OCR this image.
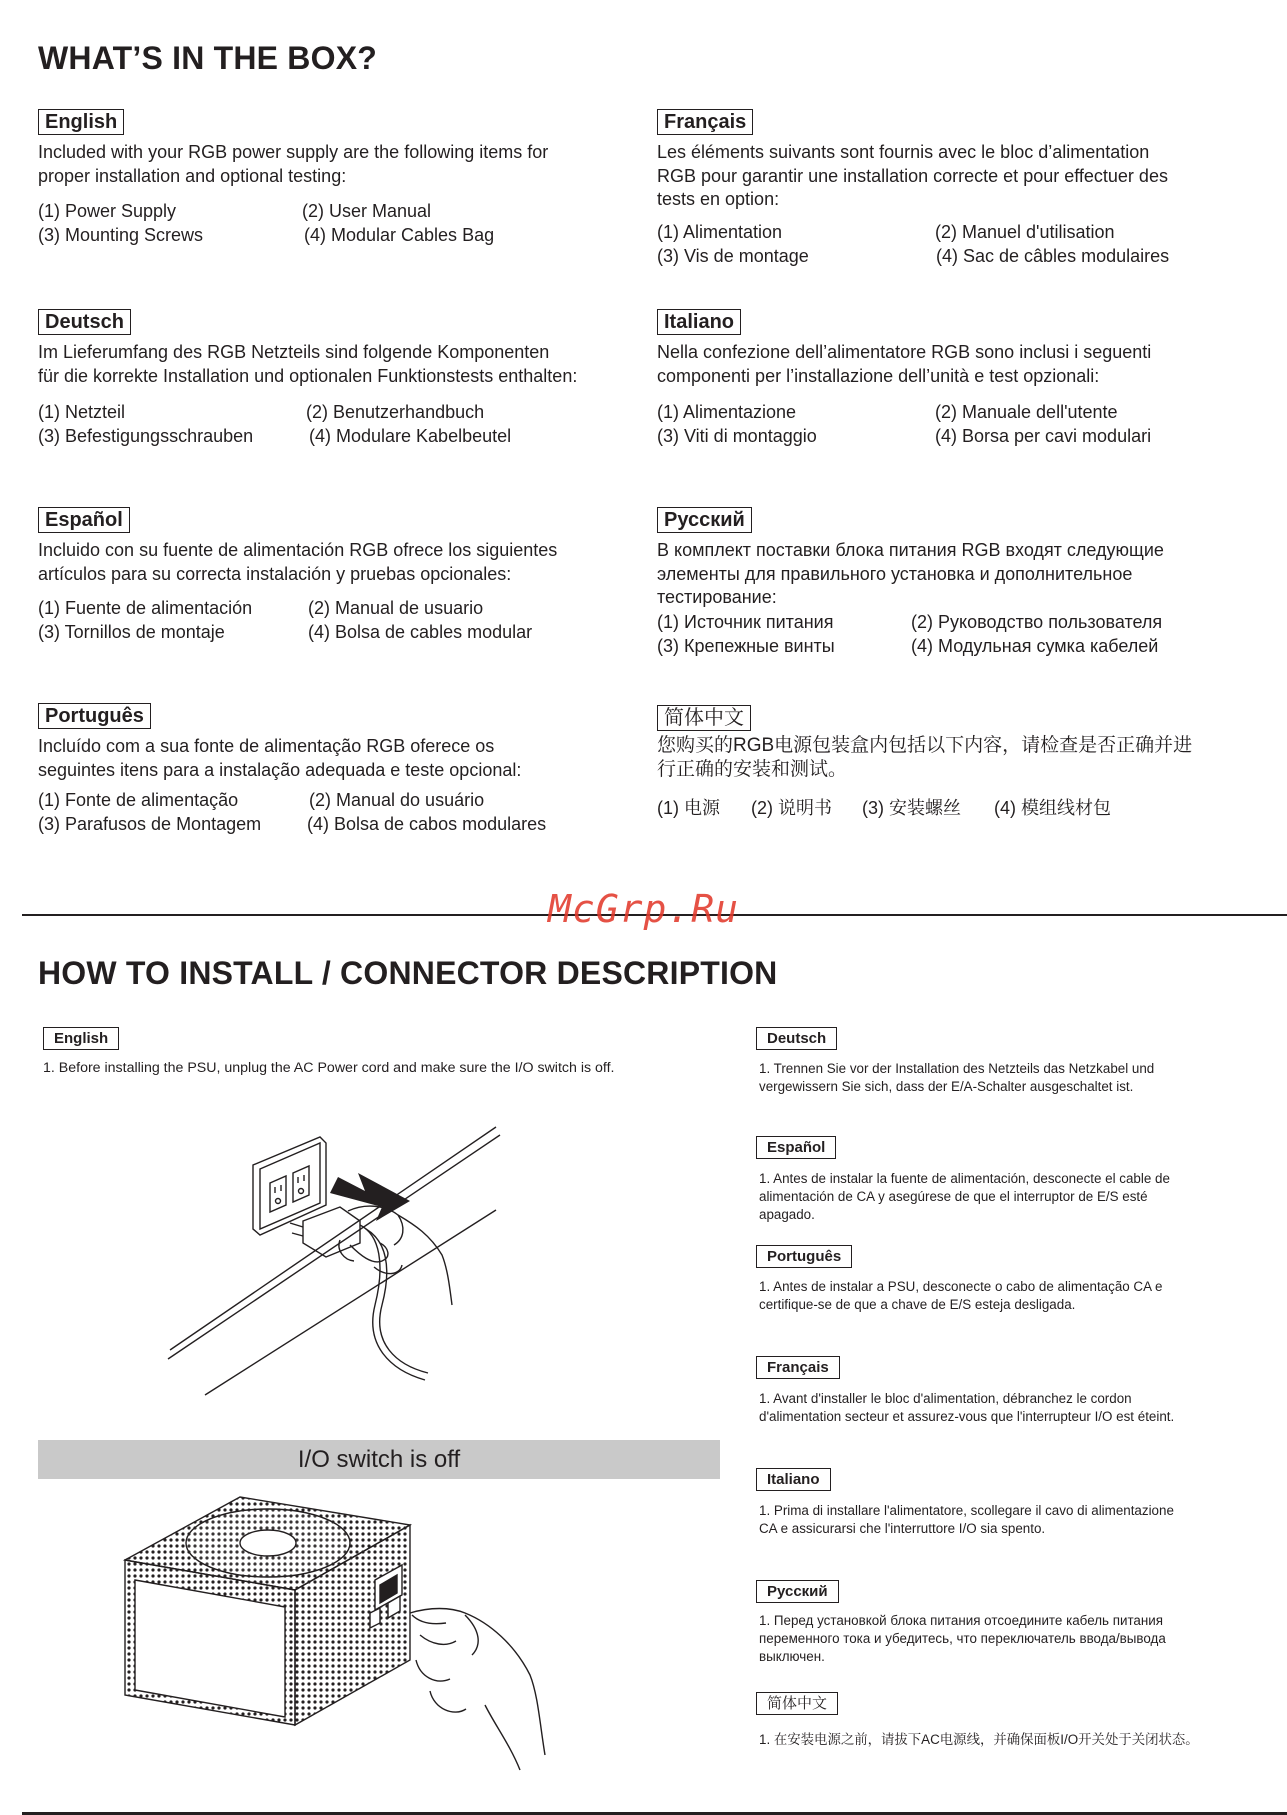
WHAT’S IN THE BOX?
English
Included with your RGB power supply are the following items for
proper installation and optional testing:
(1) Power Supply	(2) User Manual
(3) Mounting Screws	(4) Modular Cables Bag
Français
Les éléments suivants sont fournis avec le bloc d’alimentation
RGB pour garantir une installation correcte et pour effectuer des
tests en option:
(1) Alimentation	(2) Manuel d'utilisation
(3) Vis de montage	(4) Sac de câbles modulaires
Deutsch
Im Lieferumfang des RGB Netzteils sind folgende Komponenten
für die korrekte Installation und optionalen Funktionstests enthalten:
(1) Netzteil	(2) Benutzerhandbuch
(3) Befestigungsschrauben	(4) Modulare Kabelbeutel
Italiano
Nella confezione dell’alimentatore RGB sono inclusi i seguenti
componenti per l’installazione dell’unità e test opzionali:
(1) Alimentazione	(2) Manuale dell'utente
(3) Viti di montaggio	(4) Borsa per cavi modulari
Español
Incluido con su fuente de alimentación RGB ofrece los siguientes
artículos para su correcta instalación y pruebas opcionales:
(1) Fuente de alimentación	(2) Manual de usuario
(3) Tornillos de montaje	(4) Bolsa de cables modular
Русский
В комплект поставки блока питания RGB входят следующие
элементы для правильного установка и дополнительное
тестирование:
(1) Источник питания	(2) Руководство пользователя
(3) Крепежные винты	(4) Модульная сумка кабелей
Português
Incluído com a sua fonte de alimentação RGB oferece os
seguintes itens para a instalação adequada e teste opcional:
(1) Fonte de alimentação	(2) Manual do usuário
(3) Parafusos de Montagem	(4) Bolsa de cabos modulares
简体中文
您购买的RGB电源包装盒内包括以下内容，请检查是否正确并进
行正确的安装和测试。
(1) 电源 (2) 说明书 (3) 安装螺丝 (4) 模组线材包
McGrp.Ru
HOW TO INSTALL / CONNECTOR DESCRIPTION
English
1. Before installing the PSU, unplug the AC Power cord and make sure the I/O switch is off.
I/O switch is off
Deutsch
1. Trennen Sie vor der Installation des Netzteils das Netzkabel und
vergewissern Sie sich, dass der E/A-Schalter ausgeschaltet ist.
Español
1. Antes de instalar la fuente de alimentación, desconecte el cable de
alimentación de CA y asegúrese de que el interruptor de E/S esté
apagado.
Português
1. Antes de instalar a PSU, desconecte o cabo de alimentação CA e
certifique-se de que a chave de E/S esteja desligada.
Français
1. Avant d'installer le bloc d'alimentation, débranchez le cordon
d'alimentation secteur et assurez-vous que l'interrupteur I/O est éteint.
Italiano
1. Prima di installare l'alimentatore, scollegare il cavo di alimentazione
CA e assicurarsi che l'interruttore I/O sia spento.
Русский
1. Перед установкой блока питания отсоедините кабель питания
переменного тока и убедитесь, что переключатель ввода/вывода
выключен.
简体中文
1. 在安装电源之前，请拔下AC电源线，并确保面板I/O开关处于关闭状态。
